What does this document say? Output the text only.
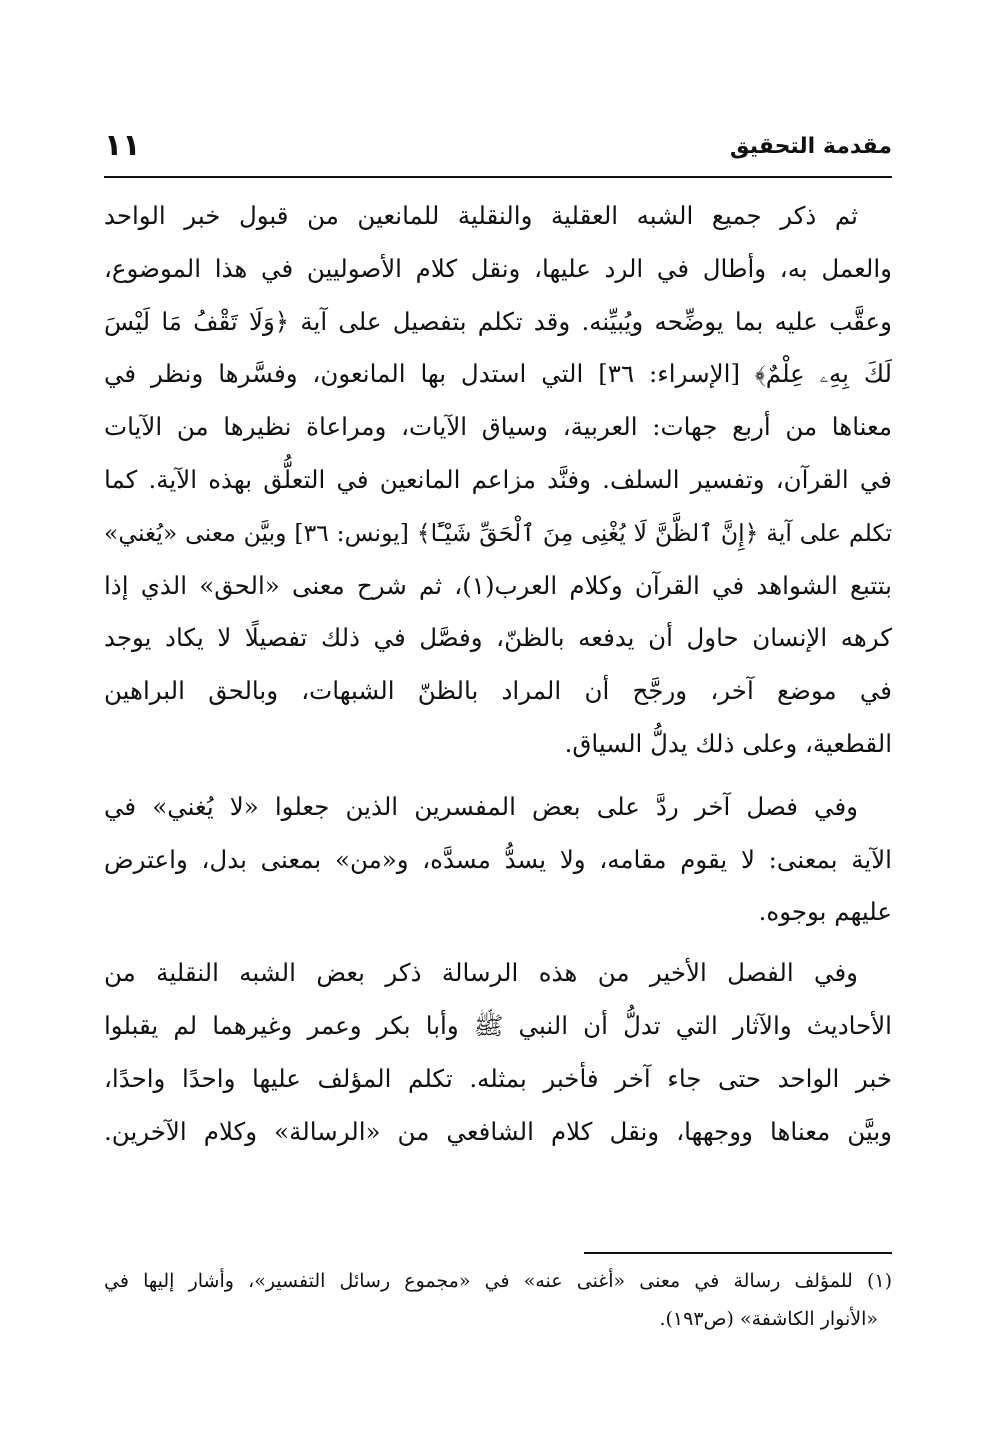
مقدمة التحقيق
١١
ثم ذكر جميع الشبه العقلية والنقلية للمانعين من قبول خبر الواحد
والعمل به، وأطال في الرد عليها، ونقل كلام الأصوليين في هذا الموضوع،
وعقَّب عليه بما يوضِّحه ويُبيِّنه. وقد تكلم بتفصيل على آية ﴿وَلَا تَقْفُ مَا لَيْسَ
لَكَ بِهِۦ عِلْمٌ﴾ [الإسراء: ٣٦] التي استدل بها المانعون، وفسَّرها ونظر في
معناها من أربع جهات: العربية، وسياق الآيات، ومراعاة نظيرها من الآيات
في القرآن، وتفسير السلف. وفنَّد مزاعم المانعين في التعلُّق بهذه الآية. كما
تكلم على آية ﴿إِنَّ ٱلظَّنَّ لَا يُغْنِى مِنَ ٱلْحَقِّ شَيْـًٔا﴾ [يونس: ٣٦] وبيَّن معنى «يُغني»
بتتبع الشواهد في القرآن وكلام العرب(١)، ثم شرح معنى «الحق» الذي إذا
كرهه الإنسان حاول أن يدفعه بالظنّ، وفصَّل في ذلك تفصيلًا لا يكاد يوجد
في موضع آخر، ورجَّح أن المراد بالظنّ الشبهات، وبالحق البراهين
القطعية، وعلى ذلك يدلُّ السياق.
وفي فصل آخر ردَّ على بعض المفسرين الذين جعلوا «لا يُغني» في
الآية بمعنى: لا يقوم مقامه، ولا يسدُّ مسدَّه، و«من» بمعنى بدل، واعترض
عليهم بوجوه.
وفي الفصل الأخير من هذه الرسالة ذكر بعض الشبه النقلية من
الأحاديث والآثار التي تدلُّ أن النبي ﷺ وأبا بكر وعمر وغيرهما لم يقبلوا
خبر الواحد حتى جاء آخر فأخبر بمثله. تكلم المؤلف عليها واحدًا واحدًا،
وبيَّن معناها ووجهها، ونقل كلام الشافعي من «الرسالة» وكلام الآخرين.
(١) للمؤلف رسالة في معنى «أغنى عنه» في «مجموع رسائل التفسير»، وأشار إليها في
«الأنوار الكاشفة» (ص١٩٣).
